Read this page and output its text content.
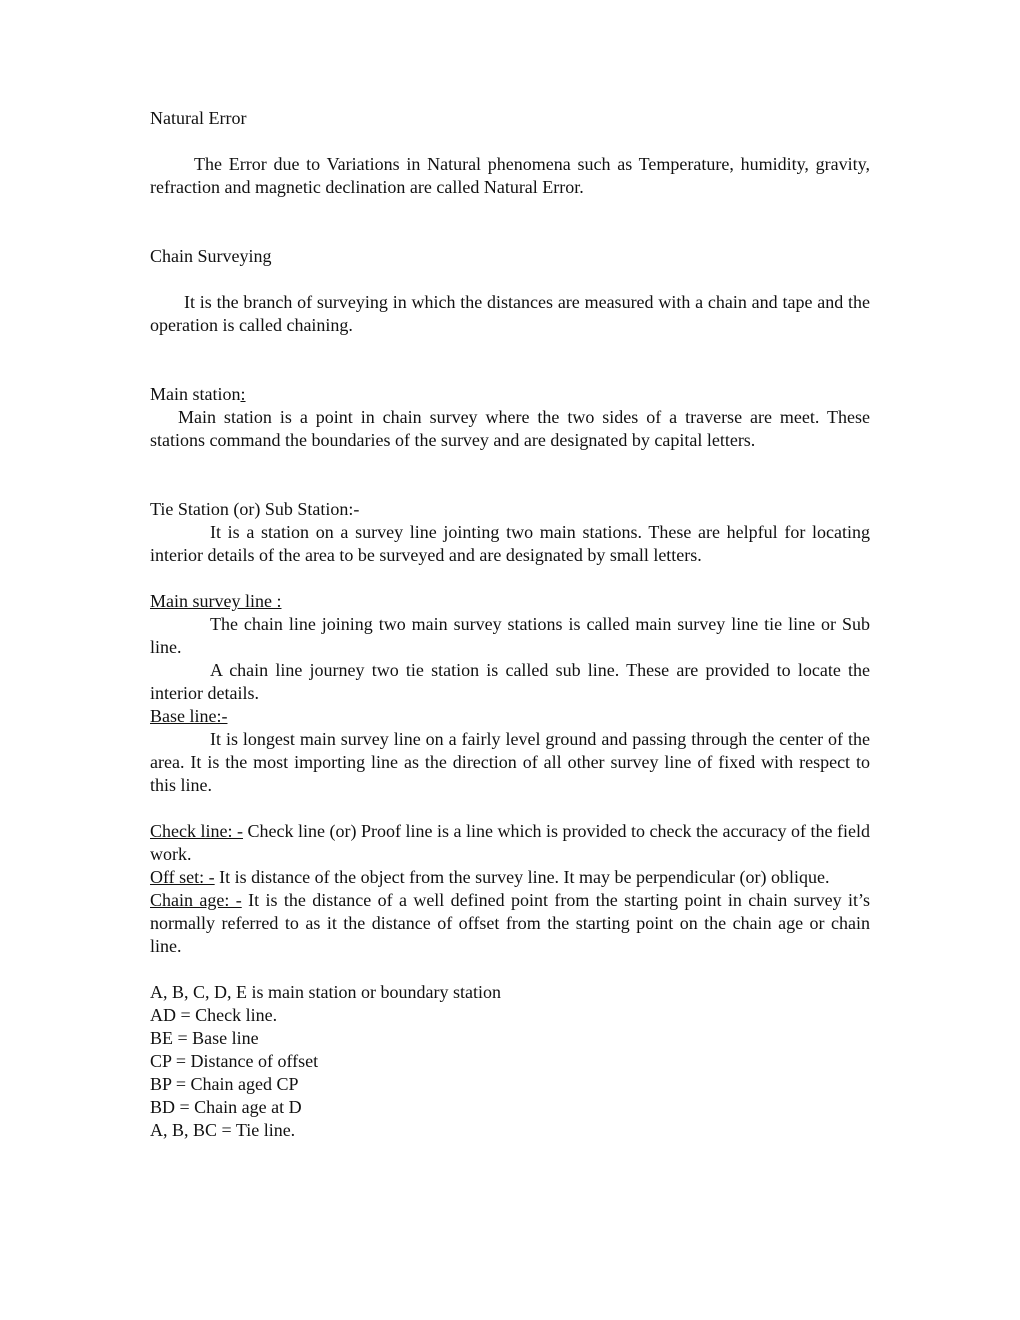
Natural Error
The Error due to Variations in Natural phenomena such as Temperature, humidity, gravity, refraction and magnetic declination are called Natural Error.
Chain Surveying
It is the branch of surveying in which the distances are measured with a chain and tape and the operation is called chaining.
Main station:
Main station is a point in chain survey where the two sides of a traverse are meet. These stations command the boundaries of the survey and are designated by capital letters.
Tie Station (or) Sub Station:-
It is a station on a survey line jointing two main stations. These are helpful for locating interior details of the area to be surveyed and are designated by small letters.
Main survey line :
The chain line joining two main survey stations is called main survey line tie line or Sub line.
A chain line journey two tie station is called sub line. These are provided to locate the interior details.
Base line:-
It is longest main survey line on a fairly level ground and passing through the center of the area. It is the most importing line as the direction of all other survey line of fixed with respect to this line.
Check line: - Check line (or) Proof line is a line which is provided to check the accuracy of the field work.
Off set: - It is distance of the object from the survey line. It may be perpendicular (or) oblique.
Chain age: - It is the distance of a well defined point from the starting point in chain survey it’s normally referred to as it the distance of offset from the starting point on the chain age or chain line.
A, B, C, D, E is main station or boundary station
AD = Check line.
BE = Base line
CP = Distance of offset
BP = Chain aged CP
BD = Chain age at D
A, B, BC = Tie line.
